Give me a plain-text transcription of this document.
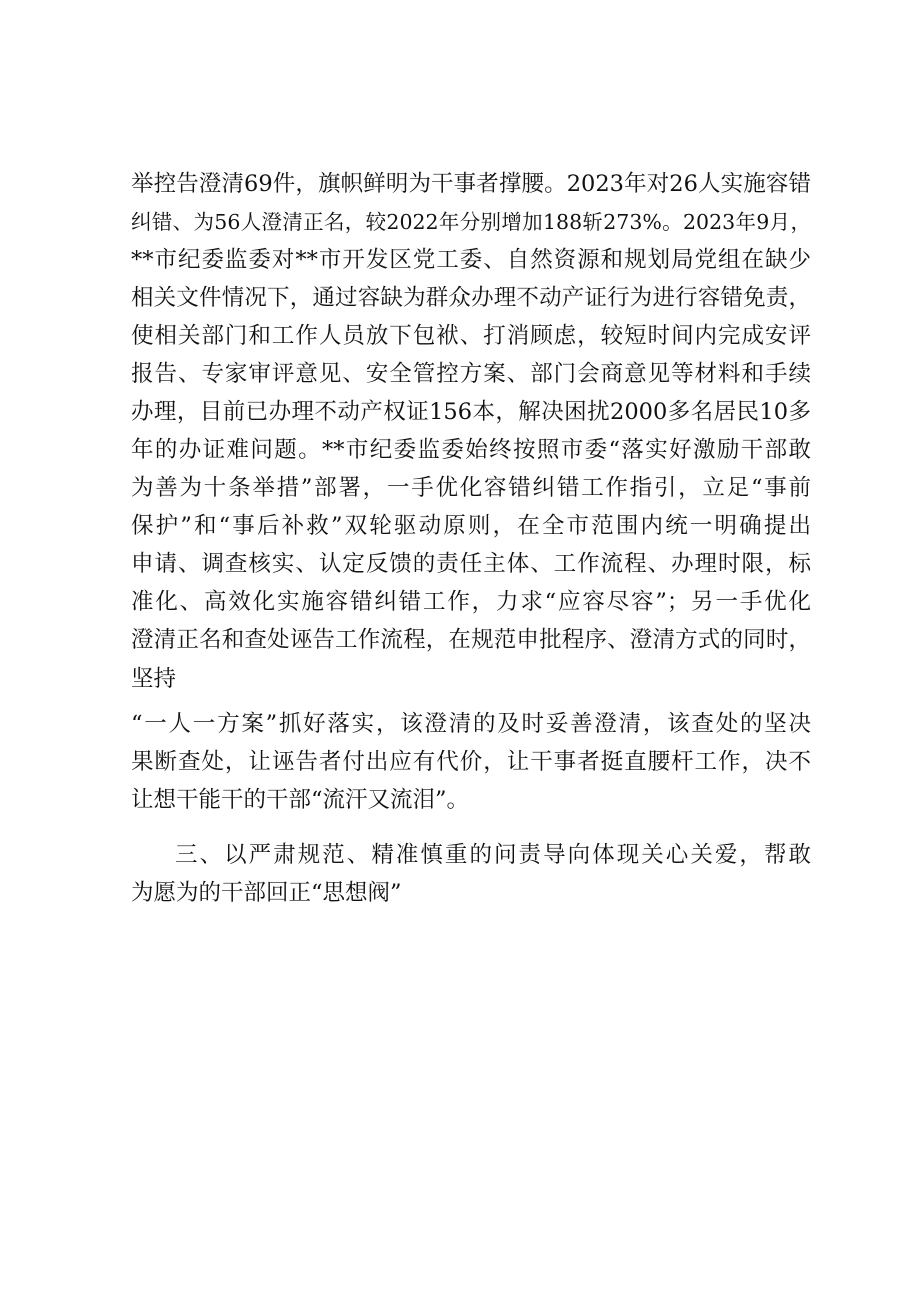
举控告澄清69件，旗帜鲜明为干事者撑腰。2023年对26人实施容错
纠错、为56人澄清正名，较2022年分别增加188斩273%。2023年9月，
**市纪委监委对**市开发区党工委、自然资源和规划局党组在缺少
相关文件情况下，通过容缺为群众办理不动产证行为进行容错免责，
使相关部门和工作人员放下包袱、打消顾虑，较短时间内完成安评
报告、专家审评意见、安全管控方案、部门会商意见等材料和手续
办理，目前已办理不动产权证156本，解决困扰2000多名居民10多
年的办证难问题。**市纪委监委始终按照市委“落实好激励干部敢
为善为十条举措”部署，一手优化容错纠错工作指引，立足“事前
保护”和“事后补救”双轮驱动原则，在全市范围内统一明确提出
申请、调查核实、认定反馈的责任主体、工作流程、办理时限，标
准化、高效化实施容错纠错工作，力求“应容尽容”；另一手优化
澄清正名和查处诬告工作流程，在规范申批程序、澄清方式的同时，
坚持
“一人一方案”抓好落实，该澄清的及时妥善澄清，该查处的坚决
果断查处，让诬告者付出应有代价，让干事者挺直腰杆工作，决不
让想干能干的干部“流汗又流泪”。
三、以严肃规范、精准慎重的问责导向体现关心关爱，帮敢
为愿为的干部回正“思想阀”
